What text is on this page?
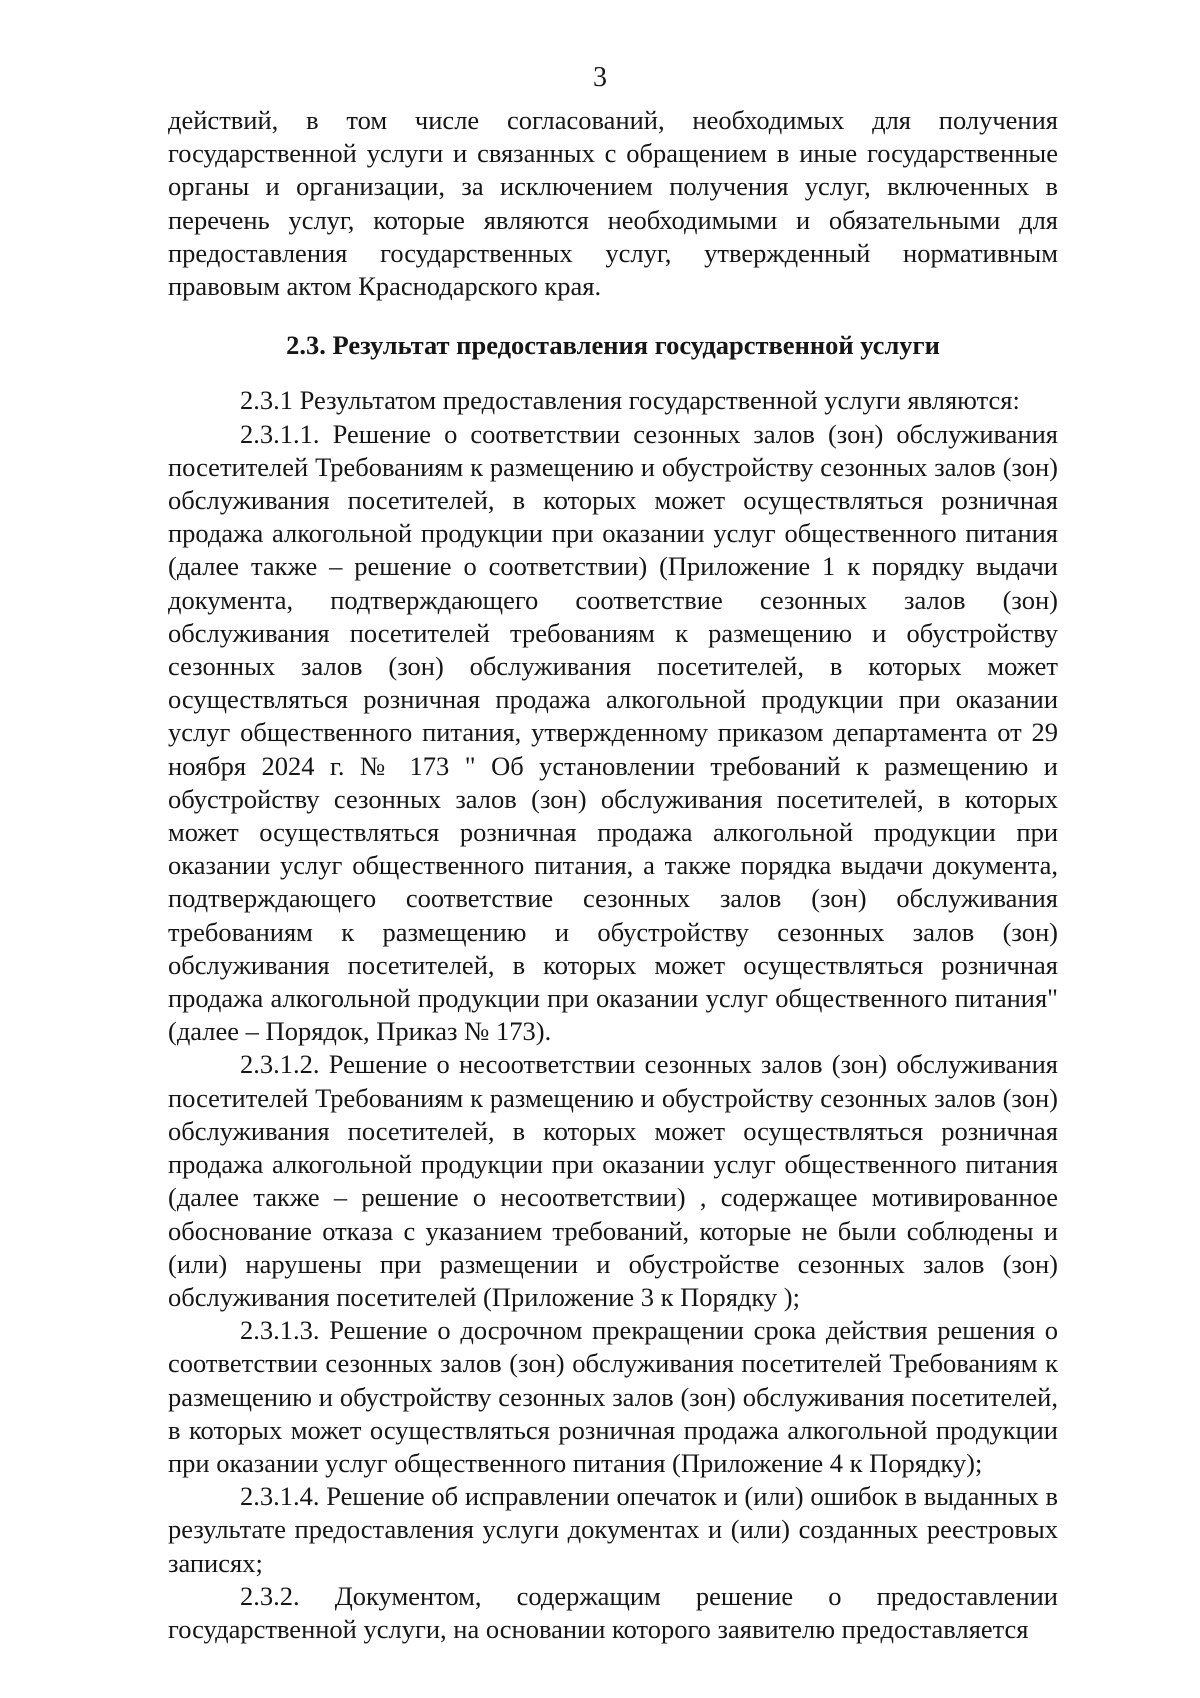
3

действий, в том числе согласований, необходимых для получения государственной услуги и связанных с обращением в иные государственные органы и организации, за исключением получения услуг, включенных в перечень услуг, которые являются необходимыми и обязательными для предоставления государственных услуг, утвержденный нормативным правовым актом Краснодарского края.

2.3. Результат предоставления государственной услуги

2.3.1 Результатом предоставления государственной услуги являются:

2.3.1.1. Решение о соответствии сезонных залов (зон) обслуживания посетителей Требованиям к размещению и обустройству сезонных залов (зон) обслуживания посетителей, в которых может осуществляться розничная продажа алкогольной продукции при оказании услуг общественного питания (далее также – решение о соответствии) (Приложение 1 к порядку выдачи документа, подтверждающего соответствие сезонных залов (зон) обслуживания посетителей требованиям к размещению и обустройству сезонных залов (зон) обслуживания посетителей, в которых может осуществляться розничная продажа алкогольной продукции при оказании услуг общественного питания, утвержденному приказом департамента от 29 ноября 2024 г. № 173 " Об установлении требований к размещению и обустройству сезонных залов (зон) обслуживания посетителей, в которых может осуществляться розничная продажа алкогольной продукции при оказании услуг общественного питания, а также порядка выдачи документа, подтверждающего соответствие сезонных залов (зон) обслуживания требованиям к размещению и обустройству сезонных залов (зон) обслуживания посетителей, в которых может осуществляться розничная продажа алкогольной продукции при оказании услуг общественного питания" (далее – Порядок, Приказ № 173).

2.3.1.2. Решение о несоответствии сезонных залов (зон) обслуживания посетителей Требованиям к размещению и обустройству сезонных залов (зон) обслуживания посетителей, в которых может осуществляться розничная продажа алкогольной продукции при оказании услуг общественного питания (далее также – решение о несоответствии) , содержащее мотивированное обоснование отказа с указанием требований, которые не были соблюдены и (или) нарушены при размещении и обустройстве сезонных залов (зон) обслуживания посетителей (Приложение 3 к Порядку );

2.3.1.3. Решение о досрочном прекращении срока действия решения о соответствии сезонных залов (зон) обслуживания посетителей Требованиям к размещению и обустройству сезонных залов (зон) обслуживания посетителей, в которых может осуществляться розничная продажа алкогольной продукции при оказании услуг общественного питания (Приложение 4 к Порядку);

2.3.1.4. Решение об исправлении опечаток и (или) ошибок в выданных в результате предоставления услуги документах и (или) созданных реестровых записях;

2.3.2. Документом, содержащим решение о предоставлении государственной услуги, на основании которого заявителю предоставляется
